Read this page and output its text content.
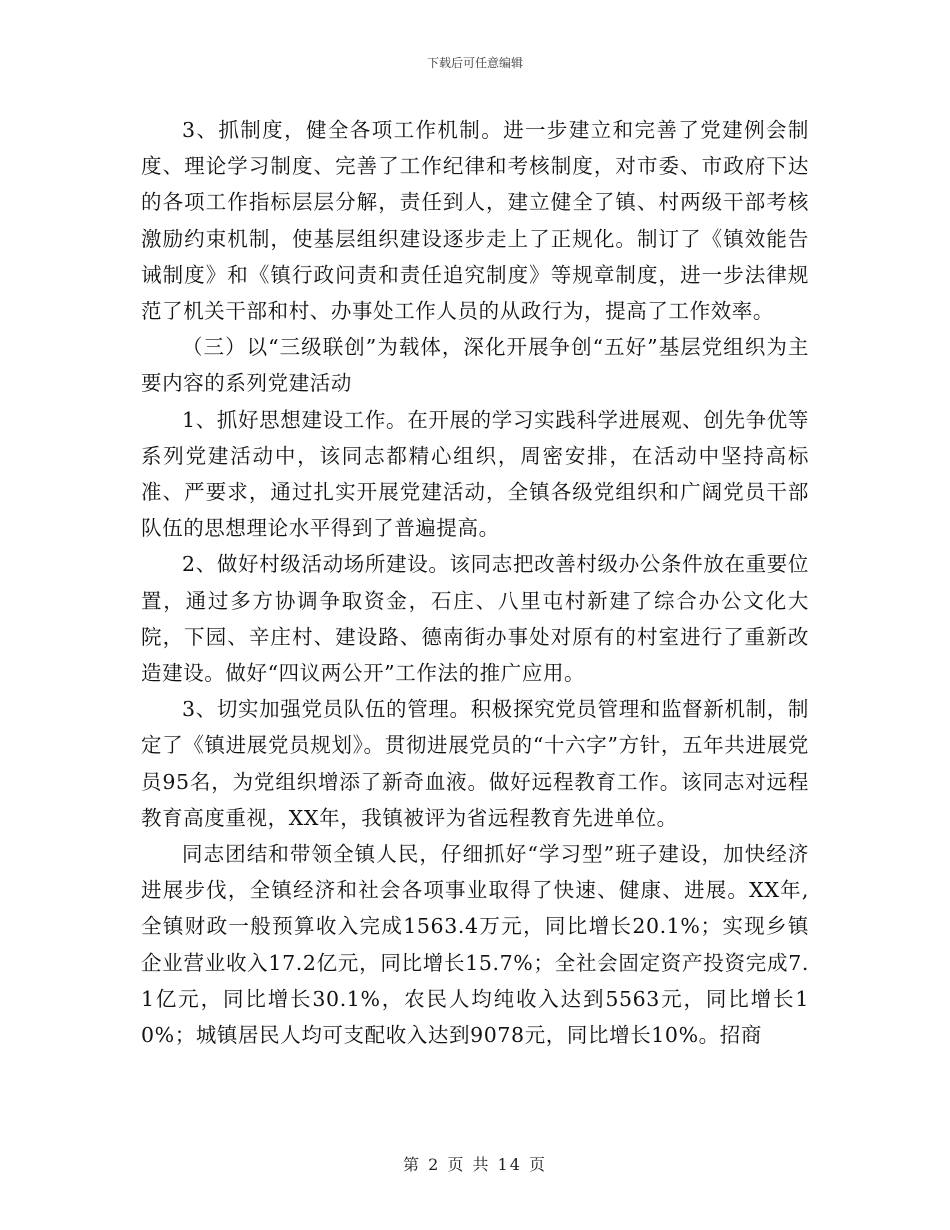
下载后可任意编辑

3、抓制度，健全各项工作机制。进一步建立和完善了党建例会制度、理论学习制度、完善了工作纪律和考核制度，对市委、市政府下达的各项工作指标层层分解，责任到人，建立健全了镇、村两级干部考核激励约束机制，使基层组织建设逐步走上了正规化。制订了《镇效能告诫制度》和《镇行政问责和责任追究制度》等规章制度，进一步法律规范了机关干部和村、办事处工作人员的从政行为，提高了工作效率。

（三）以“三级联创”为载体，深化开展争创“五好”基层党组织为主要内容的系列党建活动

1、抓好思想建设工作。在开展的学习实践科学进展观、创先争优等系列党建活动中，该同志都精心组织，周密安排，在活动中坚持高标准、严要求，通过扎实开展党建活动，全镇各级党组织和广阔党员干部队伍的思想理论水平得到了普遍提高。

2、做好村级活动场所建设。该同志把改善村级办公条件放在重要位置，通过多方协调争取资金，石庄、八里屯村新建了综合办公文化大院，下园、辛庄村、建设路、德南街办事处对原有的村室进行了重新改造建设。做好“四议两公开”工作法的推广应用。

3、切实加强党员队伍的管理。积极探究党员管理和监督新机制，制定了《镇进展党员规划》。贯彻进展党员的“十六字”方针，五年共进展党员95名，为党组织增添了新奇血液。做好远程教育工作。该同志对远程教育高度重视，XX年，我镇被评为省远程教育先进单位。

同志团结和带领全镇人民，仔细抓好“学习型”班子建设，加快经济进展步伐，全镇经济和社会各项事业取得了快速、健康、进展。XX年,全镇财政一般预算收入完成1563.4万元，同比增长20.1%；实现乡镇企业营业收入17.2亿元，同比增长15.7%；全社会固定资产投资完成7.1亿元，同比增长30.1%，农民人均纯收入达到5563元，同比增长10%；城镇居民人均可支配收入达到9078元，同比增长10%。招商

第 2 页 共 14 页
